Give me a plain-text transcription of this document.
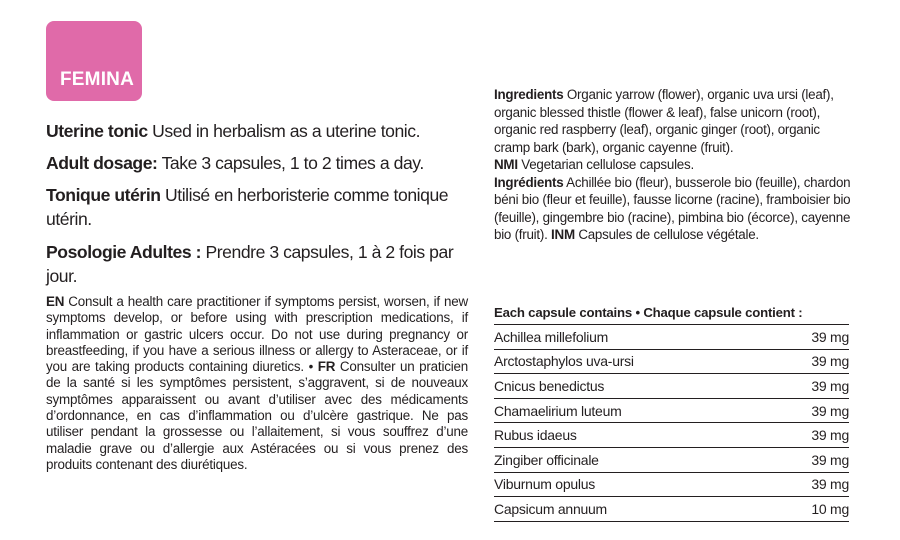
FEMINA

Uterine tonic Used in herbalism as a uterine tonic.

Adult dosage: Take 3 capsules, 1 to 2 times a day.

Tonique utérin Utilisé en herboristerie comme tonique utérin.

Posologie Adultes : Prendre 3 capsules, 1 à 2 fois par jour.

EN Consult a health care practitioner if symptoms persist, worsen, if new symptoms develop, or before using with prescription medications, if inflammation or gastric ulcers occur. Do not use during pregnancy or breastfeeding, if you have a serious illness or allergy to Asteraceae, or if you are taking products containing diuretics. • FR Consulter un praticien de la santé si les symptômes persistent, s’aggravent, si de nouveaux symptômes apparaissent ou avant d’utiliser avec des médicaments d’ordonnance, en cas d’inflammation ou d’ulcère gastrique. Ne pas utiliser pendant la grossesse ou l’allaitement, si vous souffrez d’une maladie grave ou d’allergie aux Astéracées ou si vous prenez des produits contenant des diurétiques.

Ingredients Organic yarrow (flower), organic uva ursi (leaf), organic blessed thistle (flower & leaf), false unicorn (root), organic red raspberry (leaf), organic ginger (root), organic cramp bark (bark), organic cayenne (fruit).

NMI Vegetarian cellulose capsules.

Ingrédients Achillée bio (fleur), busserole bio (feuille), chardon béni bio (fleur et feuille), fausse licorne (racine), framboisier bio (feuille), gingembre bio (racine), pimbina bio (écorce), cayenne bio (fruit). INM Capsules de cellulose végétale.

Each capsule contains • Chaque capsule contient :
Achillea millefolium	39 mg
Arctostaphylos uva-ursi	39 mg
Cnicus benedictus	39 mg
Chamaelirium luteum	39 mg
Rubus idaeus	39 mg
Zingiber officinale	39 mg
Viburnum opulus	39 mg
Capsicum annuum	10 mg
